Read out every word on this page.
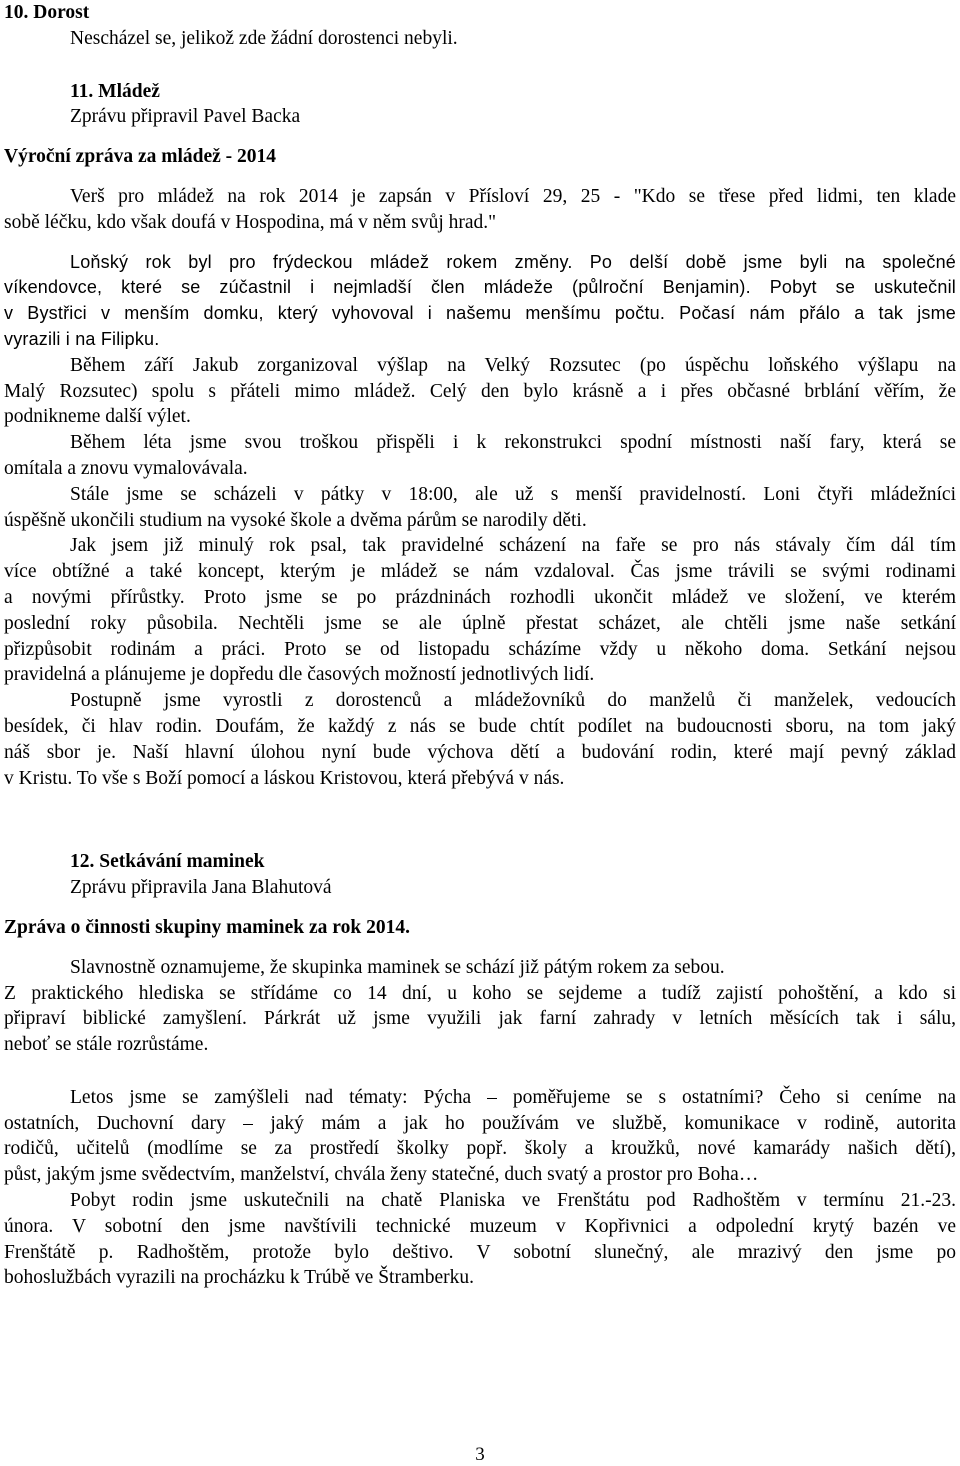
10. Dorost
Nescházel se, jelikož zde žádní dorostenci nebyli.
11. Mládež
Zprávu připravil Pavel Backa
Výroční zpráva za mládež - 2014
Verš pro mládež na rok 2014 je zapsán v Přísloví 29, 25 - "Kdo se třese před lidmi, ten klade
sobě léčku, kdo však doufá v Hospodina, má v něm svůj hrad."
Loňský rok byl pro frýdeckou mládež rokem změny. Po delší době jsme byli na společné
víkendovce, které se zúčastnil i nejmladší člen mládeže (půlroční Benjamin). Pobyt se uskutečnil
v Bystřici v menším domku, který vyhovoval i našemu menšímu počtu. Počasí nám přálo a tak jsme
vyrazili i na Filipku.
Během září Jakub zorganizoval výšlap na Velký Rozsutec (po úspěchu loňského výšlapu na
Malý Rozsutec) spolu s přáteli mimo mládež. Celý den bylo krásně a i přes občasné brblání věřím, že
podnikneme další výlet.
Během léta jsme svou troškou přispěli i k rekonstrukci spodní místnosti naší fary, která se
omítala a znovu vymalovávala.
Stále jsme se scházeli v pátky v 18:00, ale už s menší pravidelností. Loni čtyři mládežníci
úspěšně ukončili studium na vysoké škole a dvěma párům se narodily děti.
Jak jsem již minulý rok psal, tak pravidelné scházení na faře se pro nás stávaly čím dál tím
více obtížné a také koncept, kterým je mládež se nám vzdaloval. Čas jsme trávili se svými rodinami
a novými přírůstky. Proto jsme se po prázdninách rozhodli ukončit mládež ve složení, ve kterém
poslední roky působila. Nechtěli jsme se ale úplně přestat scházet, ale chtěli jsme naše setkání
přizpůsobit rodinám a práci. Proto se od listopadu scházíme vždy u někoho doma. Setkání nejsou
pravidelná a plánujeme je dopředu dle časových možností jednotlivých lidí.
Postupně jsme vyrostli z dorostenců a mládežovníků do manželů či manželek, vedoucích
besídek, či hlav rodin. Doufám, že každý z nás se bude chtít podílet na budoucnosti sboru, na tom jaký
náš sbor je. Naší hlavní úlohou nyní bude výchova dětí a budování rodin, které mají pevný základ
v Kristu. To vše s Boží pomocí a láskou Kristovou, která přebývá v nás.
12. Setkávání maminek
Zprávu připravila Jana Blahutová
Zpráva o činnosti skupiny maminek za rok 2014.
Slavnostně oznamujeme, že skupinka maminek se schází již pátým rokem za sebou.
Z praktického hlediska se střídáme co 14 dní, u koho se sejdeme a tudíž zajistí pohoštění, a kdo si
připraví biblické zamyšlení. Párkrát už jsme využili jak farní zahrady v letních měsících tak i sálu,
neboť se stále rozrůstáme.
Letos jsme se zamýšleli nad tématy: Pýcha – poměřujeme se s ostatními? Čeho si ceníme na
ostatních, Duchovní dary – jaký mám a jak ho používám ve službě, komunikace v rodině, autorita
rodičů, učitelů (modlíme se za prostředí školky popř. školy a kroužků, nové kamarády našich dětí),
půst, jakým jsme svědectvím, manželství, chvála ženy statečné, duch svatý a prostor pro Boha…
Pobyt rodin jsme uskutečnili na chatě Planiska ve Frenštátu pod Radhoštěm v termínu 21.-23.
února. V sobotní den jsme navštívili technické muzeum v Kopřivnici a odpolední krytý bazén ve
Frenštátě p. Radhoštěm, protože bylo deštivo. V sobotní slunečný, ale mrazivý den jsme po
bohoslužbách vyrazili na procházku k Trúbě ve Štramberku.
3
